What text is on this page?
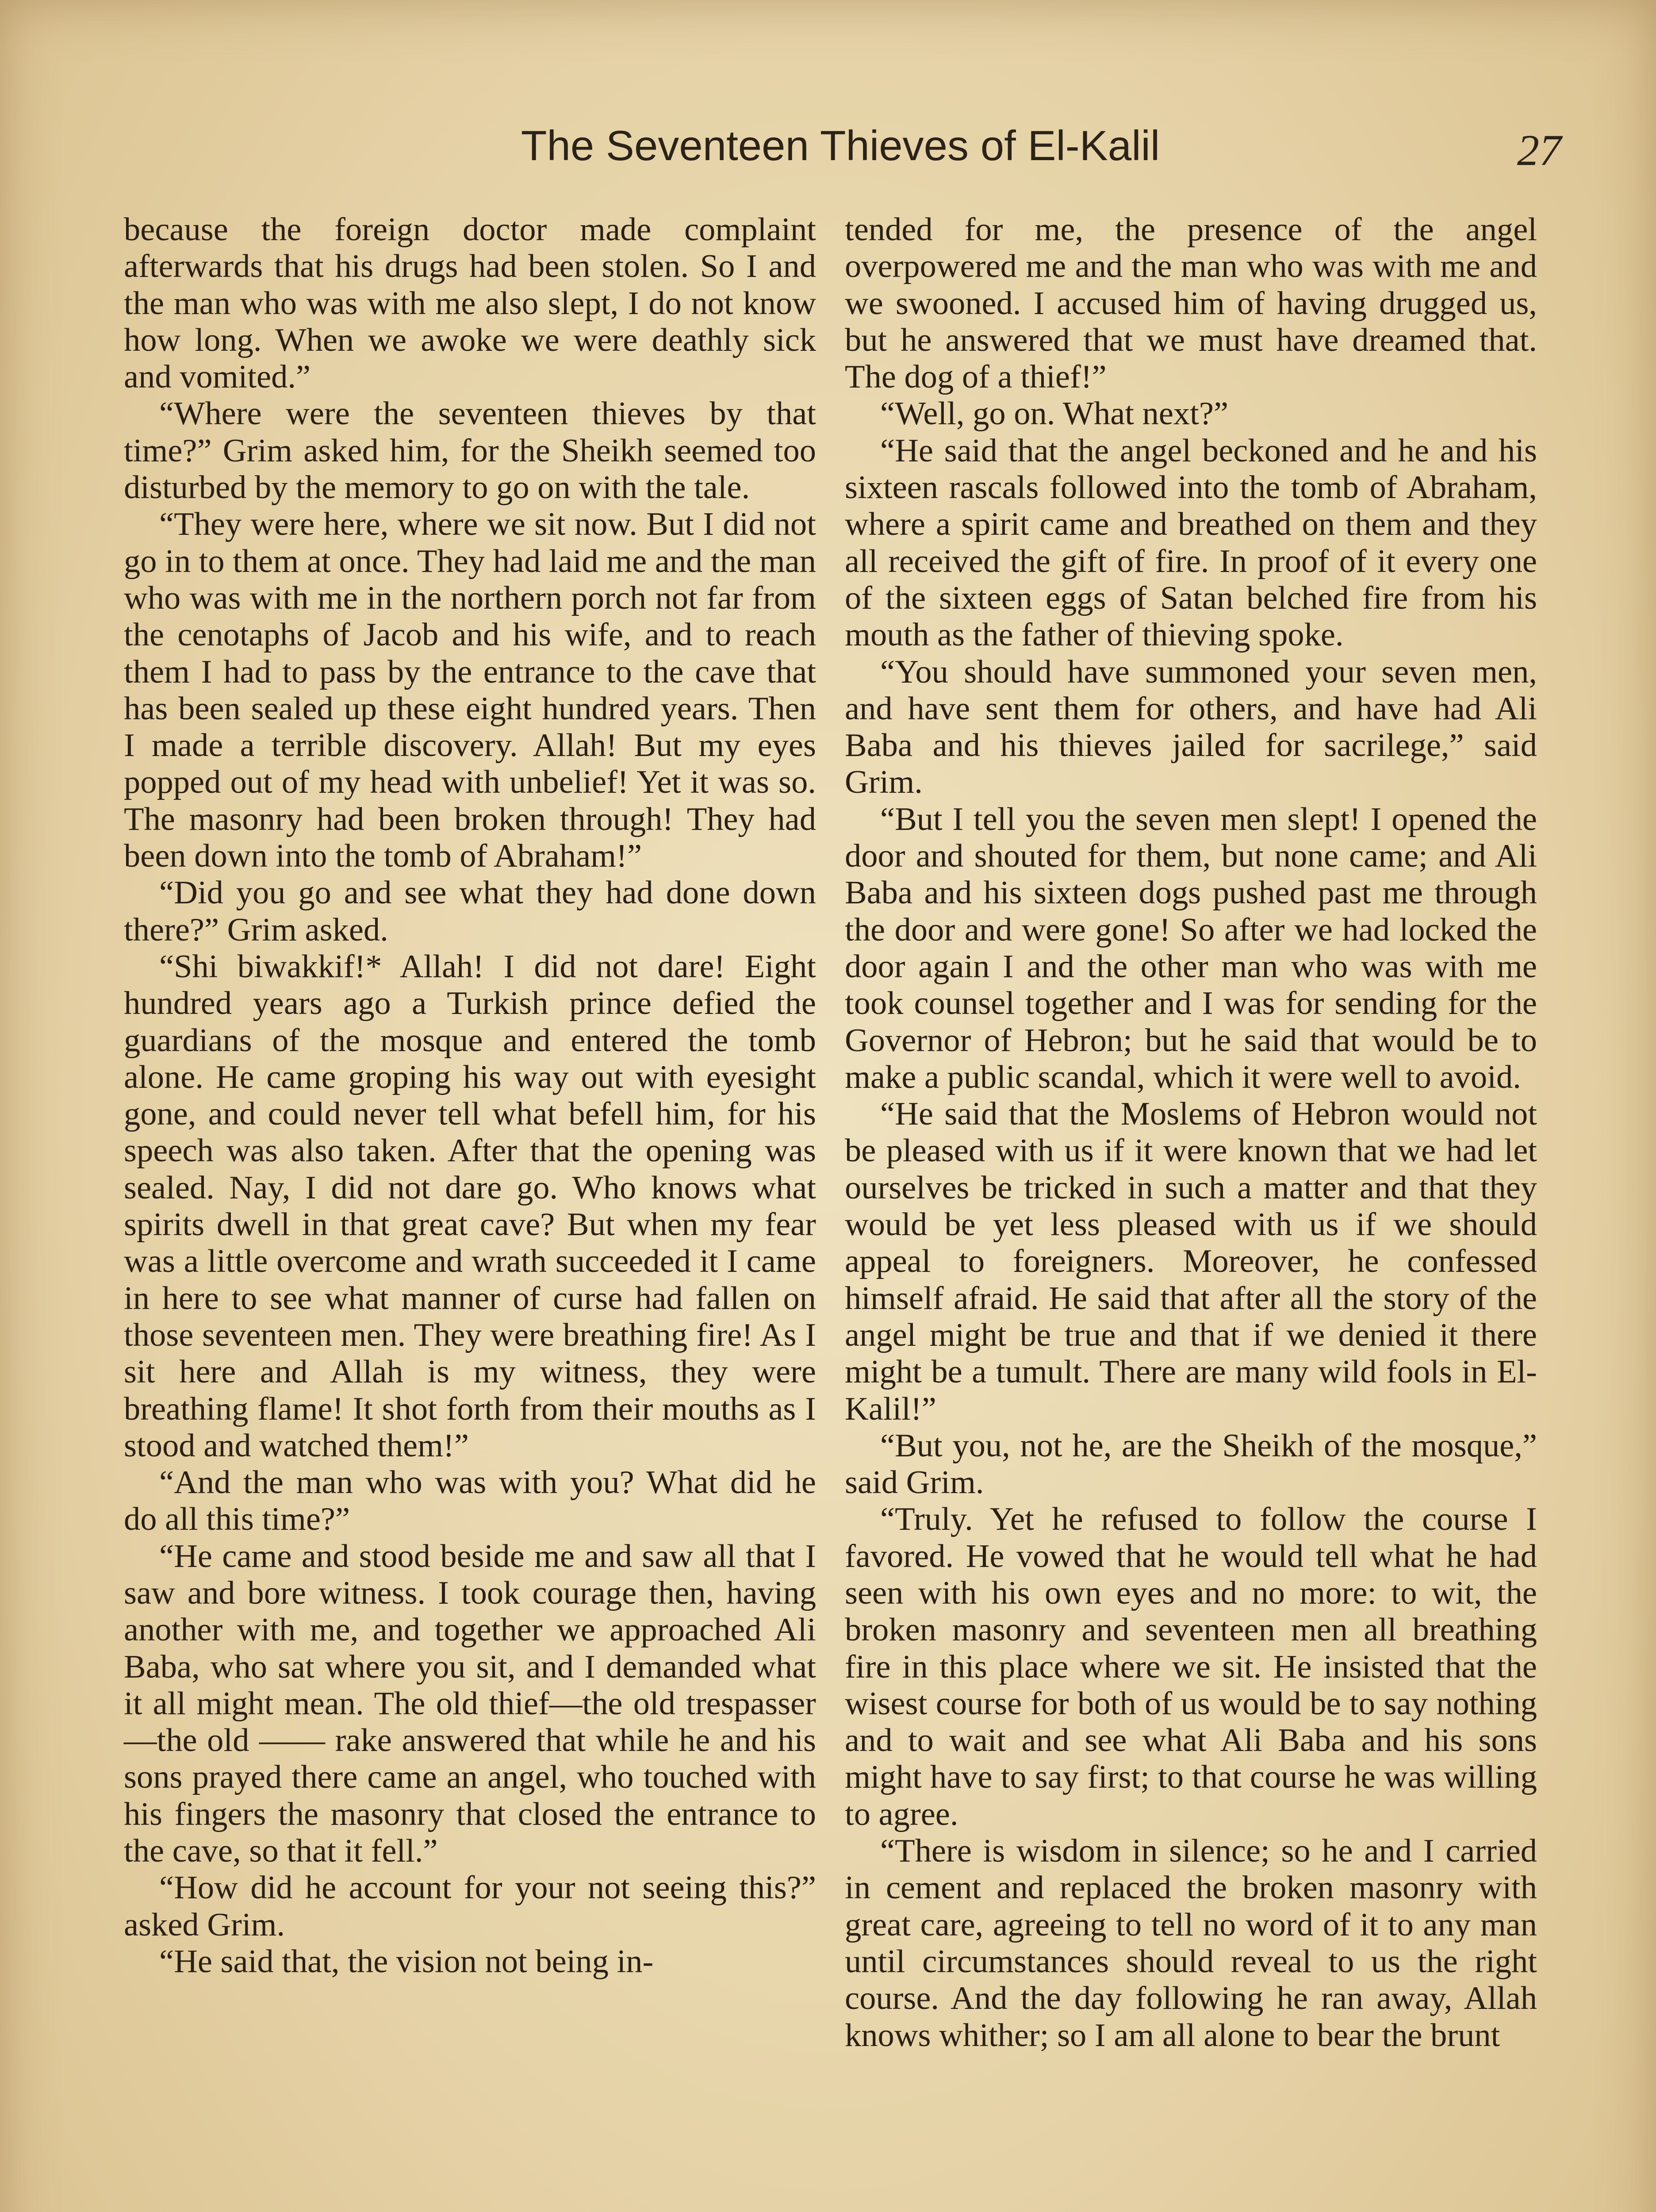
The Seventeen Thieves of El-Kalil	27

because the foreign doctor made complaint afterwards that his drugs had been stolen. So I and the man who was with me also slept, I do not know how long. When we awoke we were deathly sick and vomited.”

“Where were the seventeen thieves by that time?” Grim asked him, for the Sheikh seemed too disturbed by the memory to go on with the tale.

“They were here, where we sit now. But I did not go in to them at once. They had laid me and the man who was with me in the northern porch not far from the cenotaphs of Jacob and his wife, and to reach them I had to pass by the entrance to the cave that has been sealed up these eight hundred years. Then I made a terrible discovery. Allah! But my eyes popped out of my head with unbelief! Yet it was so. The masonry had been broken through! They had been down into the tomb of Abraham!”

“Did you go and see what they had done down there?” Grim asked.

“Shi biwakkif!* Allah! I did not dare! Eight hundred years ago a Turkish prince defied the guardians of the mosque and entered the tomb alone. He came groping his way out with eyesight gone, and could never tell what befell him, for his speech was also taken. After that the opening was sealed. Nay, I did not dare go. Who knows what spirits dwell in that great cave? But when my fear was a little overcome and wrath succeeded it I came in here to see what manner of curse had fallen on those seventeen men. They were breathing fire! As I sit here and Allah is my witness, they were breathing flame! It shot forth from their mouths as I stood and watched them!”

“And the man who was with you? What did he do all this time?”

“He came and stood beside me and saw all that I saw and bore witness. I took courage then, having another with me, and together we approached Ali Baba, who sat where you sit, and I demanded what it all might mean. The old thief—the old trespasser—the old —— rake answered that while he and his sons prayed there came an angel, who touched with his fingers the masonry that closed the entrance to the cave, so that it fell.”

“How did he account for your not seeing this?” asked Grim.

“He said that, the vision not being in-

tended for me, the presence of the angel overpowered me and the man who was with me and we swooned. I accused him of having drugged us, but he answered that we must have dreamed that. The dog of a thief!”

“Well, go on. What next?”

“He said that the angel beckoned and he and his sixteen rascals followed into the tomb of Abraham, where a spirit came and breathed on them and they all received the gift of fire. In proof of it every one of the sixteen eggs of Satan belched fire from his mouth as the father of thieving spoke.

“You should have summoned your seven men, and have sent them for others, and have had Ali Baba and his thieves jailed for sacrilege,” said Grim.

“But I tell you the seven men slept! I opened the door and shouted for them, but none came; and Ali Baba and his sixteen dogs pushed past me through the door and were gone! So after we had locked the door again I and the other man who was with me took counsel together and I was for sending for the Governor of Hebron; but he said that would be to make a public scandal, which it were well to avoid.

“He said that the Moslems of Hebron would not be pleased with us if it were known that we had let ourselves be tricked in such a matter and that they would be yet less pleased with us if we should appeal to foreigners. Moreover, he confessed himself afraid. He said that after all the story of the angel might be true and that if we denied it there might be a tumult. There are many wild fools in El-Kalil!”

“But you, not he, are the Sheikh of the mosque,” said Grim.

“Truly. Yet he refused to follow the course I favored. He vowed that he would tell what he had seen with his own eyes and no more: to wit, the broken masonry and seventeen men all breathing fire in this place where we sit. He insisted that the wisest course for both of us would be to say nothing and to wait and see what Ali Baba and his sons might have to say first; to that course he was willing to agree.

“There is wisdom in silence; so he and I carried in cement and replaced the broken masonry with great care, agreeing to tell no word of it to any man until circumstances should reveal to us the right course. And the day following he ran away, Allah knows whither; so I am all alone to bear the brunt
